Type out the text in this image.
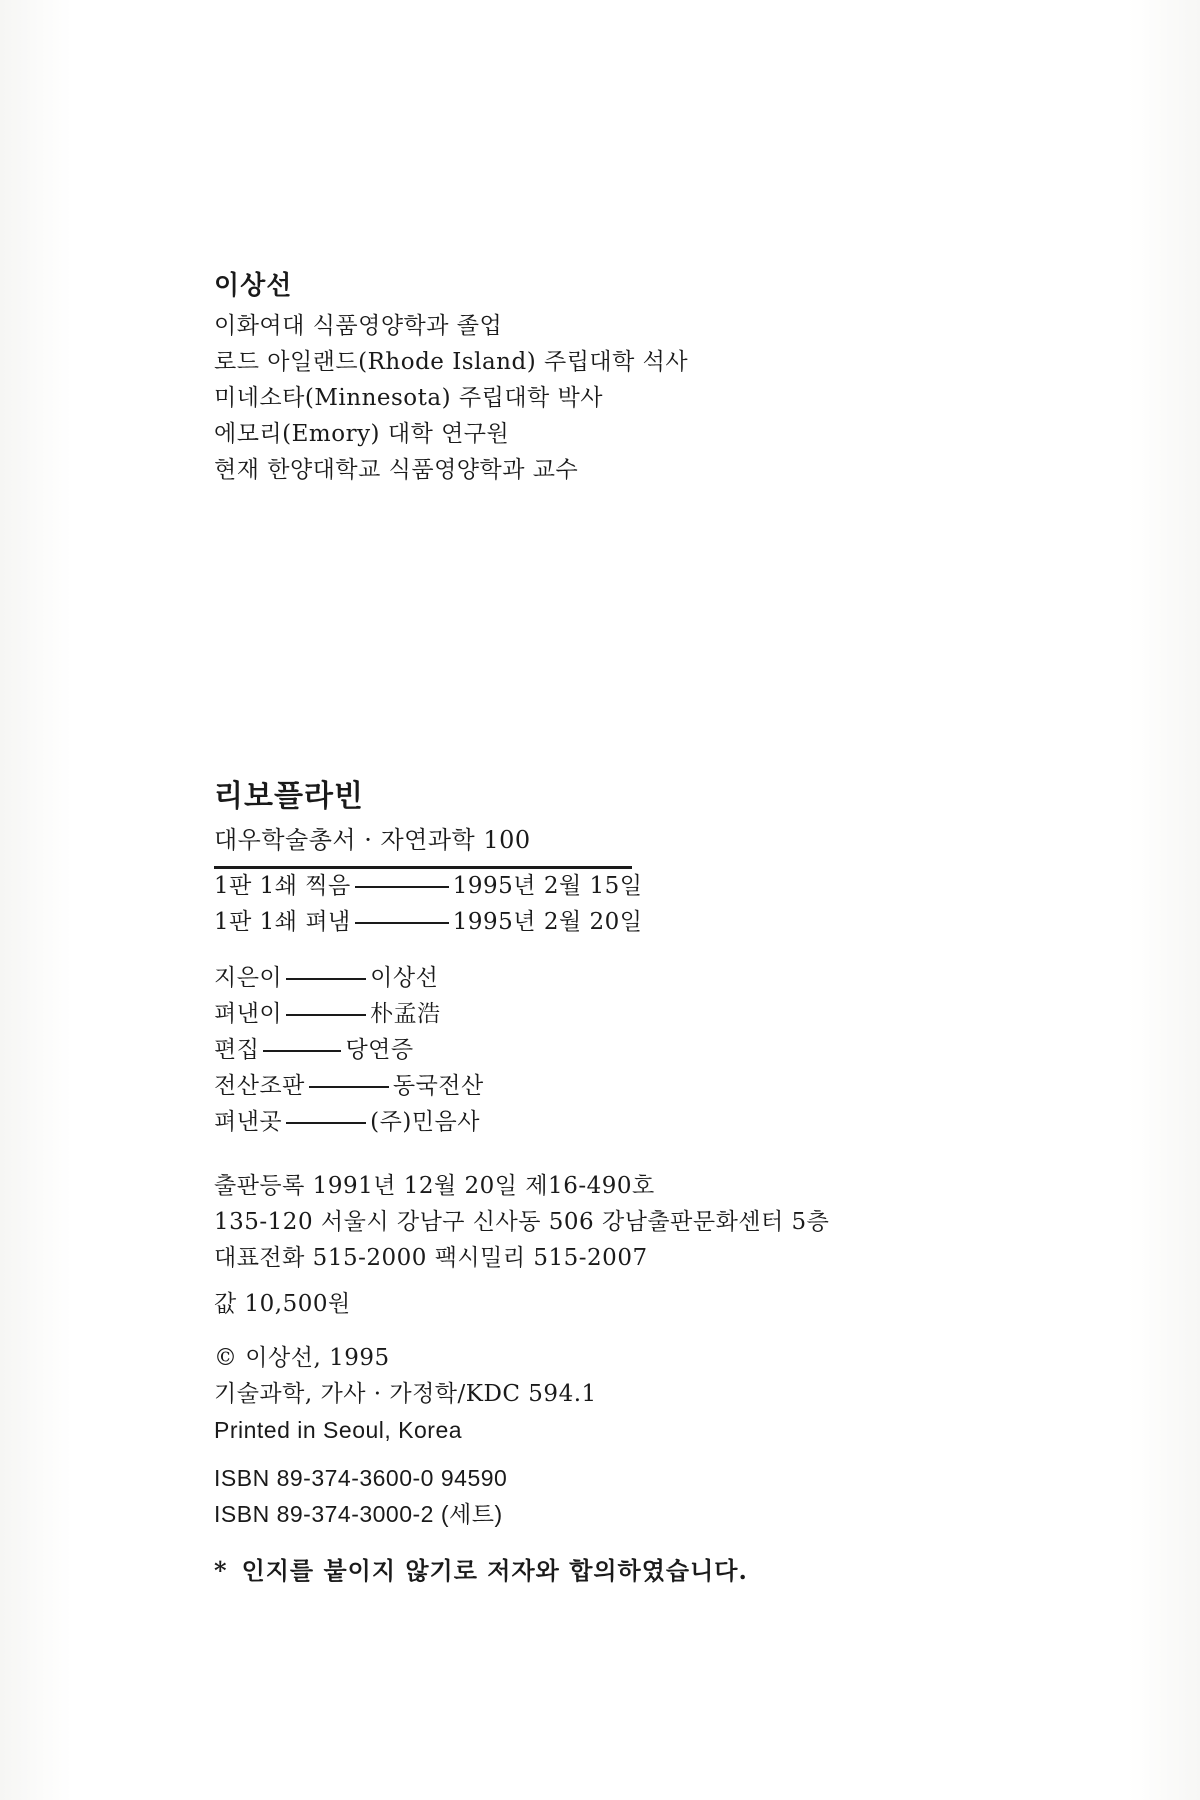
이상선
이화여대 식품영양학과 졸업
로드 아일랜드(Rhode Island) 주립대학 석사
미네소타(Minnesota) 주립대학 박사
에모리(Emory) 대학 연구원
현재 한양대학교 식품영양학과 교수
리보플라빈
대우학술총서 · 자연과학 100
1판 1쇄 찍음	1995년 2월 15일
1판 1쇄 펴냄	1995년 2월 20일
지은이	이상선
펴낸이	朴孟浩
편집	당연증
전산조판	동국전산
펴낸곳	(주)민음사
출판등록 1991년 12월 20일 제16-490호
135-120 서울시 강남구 신사동 506 강남출판문화센터 5층
대표전화 515-2000 팩시밀리 515-2007
값 10,500원
© 이상선, 1995
기술과학, 가사 · 가정학/KDC 594.1
Printed in Seoul, Korea
ISBN 89-374-3600-0 94590
ISBN 89-374-3000-2 (세트)
* 인지를 붙이지 않기로 저자와 합의하였습니다.
